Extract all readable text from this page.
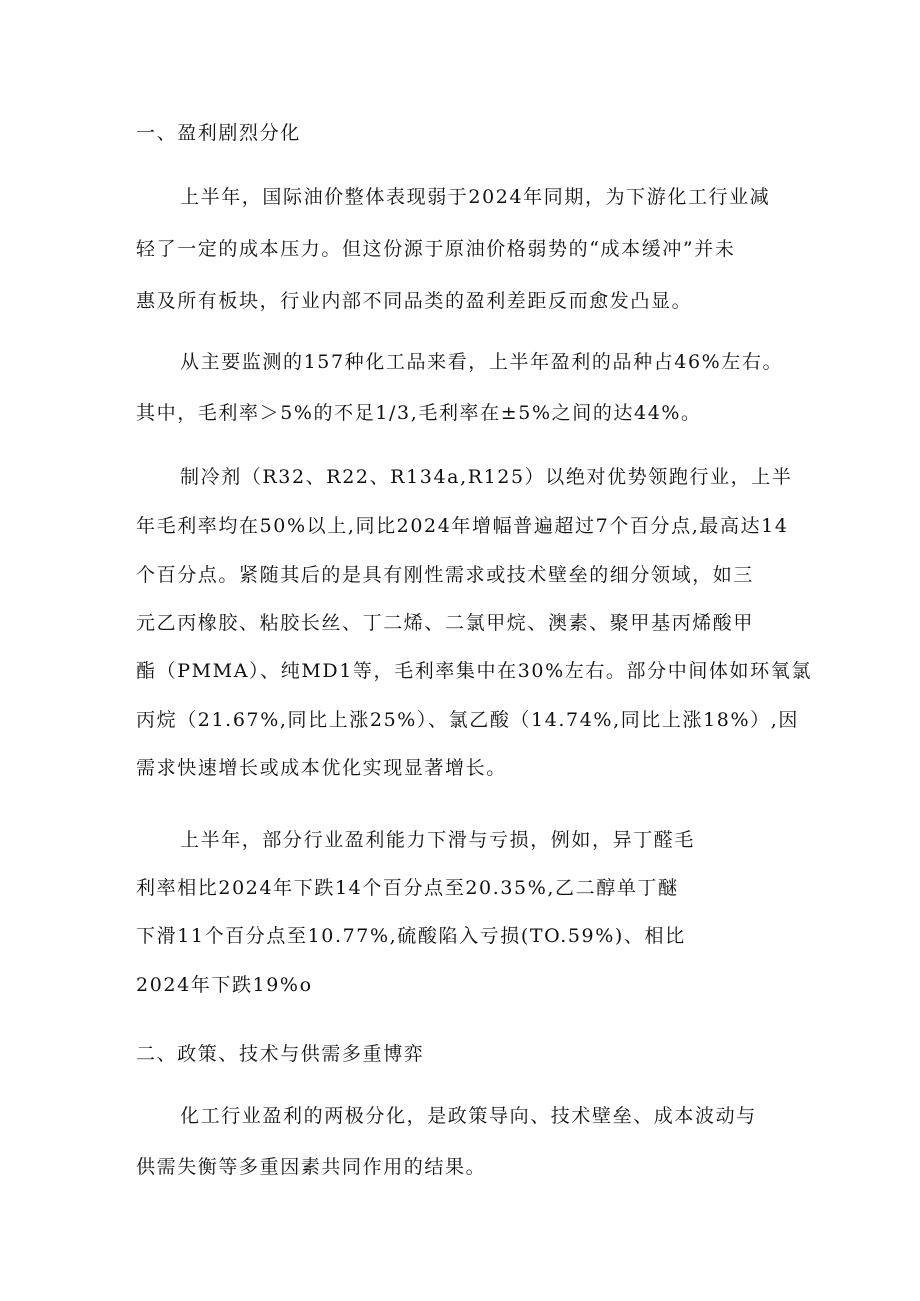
一、盈利剧烈分化
上半年，国际油价整体表现弱于2024年同期，为下游化工行业减
轻了一定的成本压力。但这份源于原油价格弱势的“成本缓冲”并未
惠及所有板块，行业内部不同品类的盈利差距反而愈发凸显。
从主要监测的157种化工品来看，上半年盈利的品种占46%左右。
其中，毛利率＞5%的不足1/3,毛利率在±5%之间的达44%。
制冷剂（R32、R22、R134a,R125）以绝对优势领跑行业，上半
年毛利率均在50%以上,同比2024年增幅普遍超过7个百分点,最高达14
个百分点。紧随其后的是具有刚性需求或技术壁垒的细分领域，如三
元乙丙橡胶、粘胶长丝、丁二烯、二氯甲烷、澳素、聚甲基丙烯酸甲
酯（PMMA）、纯MD1等，毛利率集中在30%左右。部分中间体如环氧氯
丙烷（21.67%,同比上涨25%）、氯乙酸（14.74%,同比上涨18%）,因
需求快速增长或成本优化实现显著增长。
上半年，部分行业盈利能力下滑与亏损，例如，异丁醛毛
利率相比2024年下跌14个百分点至20.35%,乙二醇单丁醚
下滑11个百分点至10.77%,硫酸陷入亏损(TO.59%)、相比
2024年下跌19%o
二、政策、技术与供需多重博弈
化工行业盈利的两极分化，是政策导向、技术壁垒、成本波动与
供需失衡等多重因素共同作用的结果。
